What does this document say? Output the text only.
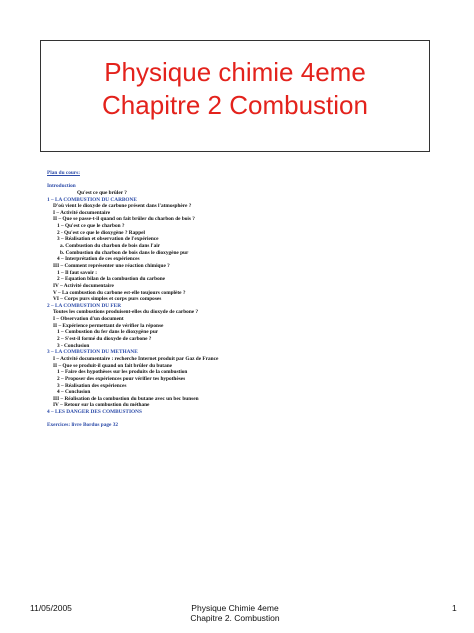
Physique chimie 4eme
Chapitre 2 Combustion
Plan du cours:
Introduction
Qu'est ce que brûler ?
1 – LA COMBUSTION DU CARBONE
D'où vient le dioxyde de carbone présent dans l'atmosphère ?
I – Activité documentaire
II – Que se passe-t-il quand on fait brûler du charbon de bois ?
1 – Qu'est ce que le charbon ?
2 - Qu'est ce que le dioxygène ? Rappel
3 – Réalisation et observation de l'expérience
a. Combustion du charbon de bois dans l'air
b. Combustion du charbon de bois dans le dioxygène pur
4 – Interprétation de ces expériences
III – Comment représenter une réaction chimique ?
1 – Il faut savoir :
2 – Equation bilan de la combustion du carbone
IV – Activité documentaire
V – La combustion du carbone est-elle toujours complète ?
VI – Corps purs simples et corps purs composes
2 – LA COMBUSTION DU FER
Toutes les combustions produisent-elles du dioxyde de carbone ?
I – Observation d'un document
II – Expérience permettant de vérifier la réponse
1 – Combustion du fer dans le dioxygène pur
2 – S'est-il formé du dioxyde de carbone ?
3 - Conclusion
3 – LA COMBUSTION DU METHANE
I – Activité documentaire : recherche Internet produit par Gaz de France
II – Que se produit-il quand on fait brûler du butane
1 – Faire des hypothèses sur les produits de la combustion
2 – Proposer des expériences pour vérifier tes hypothèses
3 – Réalisation des expériences
4 – Conclusion
III – Réalisation de la combustion du butane avec un bec bunsen
IV – Retour sur la combustion du méthane
4 – LES DANGER DES COMBUSTIONS
Exercices: livre Bordus page 32
11/05/2005	Physique Chimie 4eme
Chapitre 2. Combustion
1
